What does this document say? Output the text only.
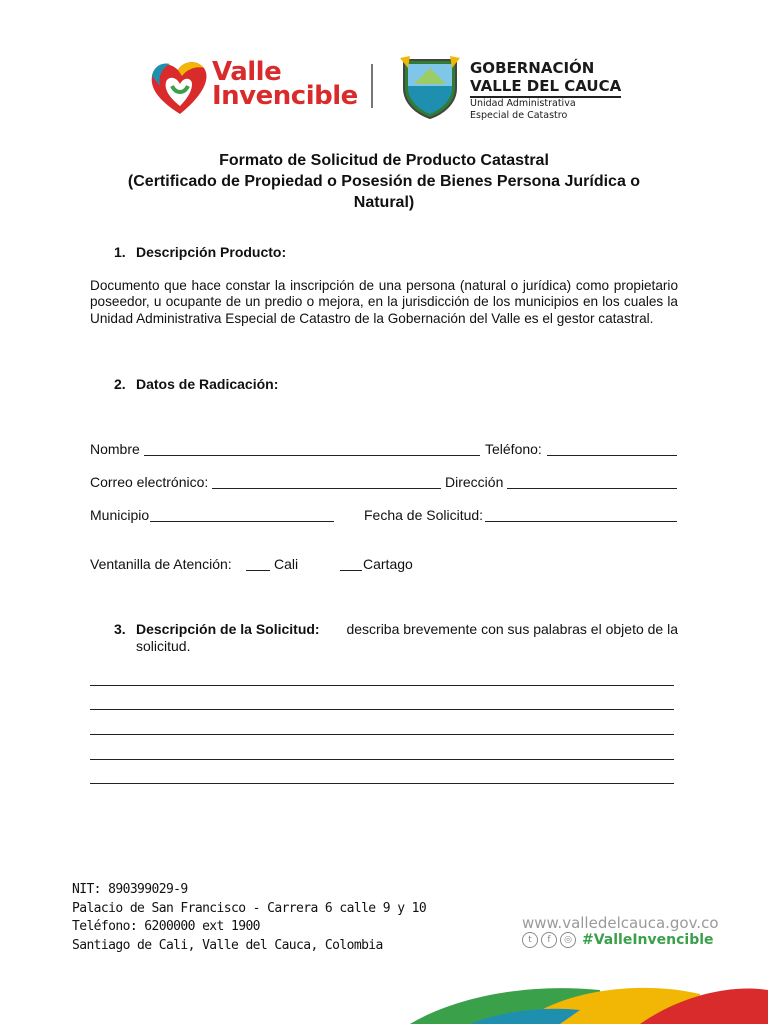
Valle
Invencible
GOBERNACIÓN
VALLE DEL CAUCA
Unidad Administrativa
Especial de Catastro
Formato de Solicitud de Producto Catastral
(Certificado de Propiedad o Posesión de Bienes Persona Jurídica o
Natural)
1. Descripción Producto:
Documento que hace constar la inscripción de una persona (natural o jurídica) como propietario poseedor, u ocupante de un predio o mejora, en la jurisdicción de los municipios en los cuales la Unidad Administrativa Especial de Catastro de la Gobernación del Valle es el gestor catastral.
2. Datos de Radicación:
Nombre	Teléfono:
Correo electrónico:	Dirección
Municipio	Fecha de Solicitud:
Ventanilla de Atención:	Cali	Cartago
3. Descripción de la Solicitud: describa brevemente con sus palabras el objeto de la
solicitud.
NIT: 890399029-9
Palacio de San Francisco - Carrera 6 calle 9 y 10
Teléfono: 6200000 ext 1900
Santiago de Cali, Valle del Cauca, Colombia
www.valledelcauca.gov.co
t	f	◎ #ValleInvencible
